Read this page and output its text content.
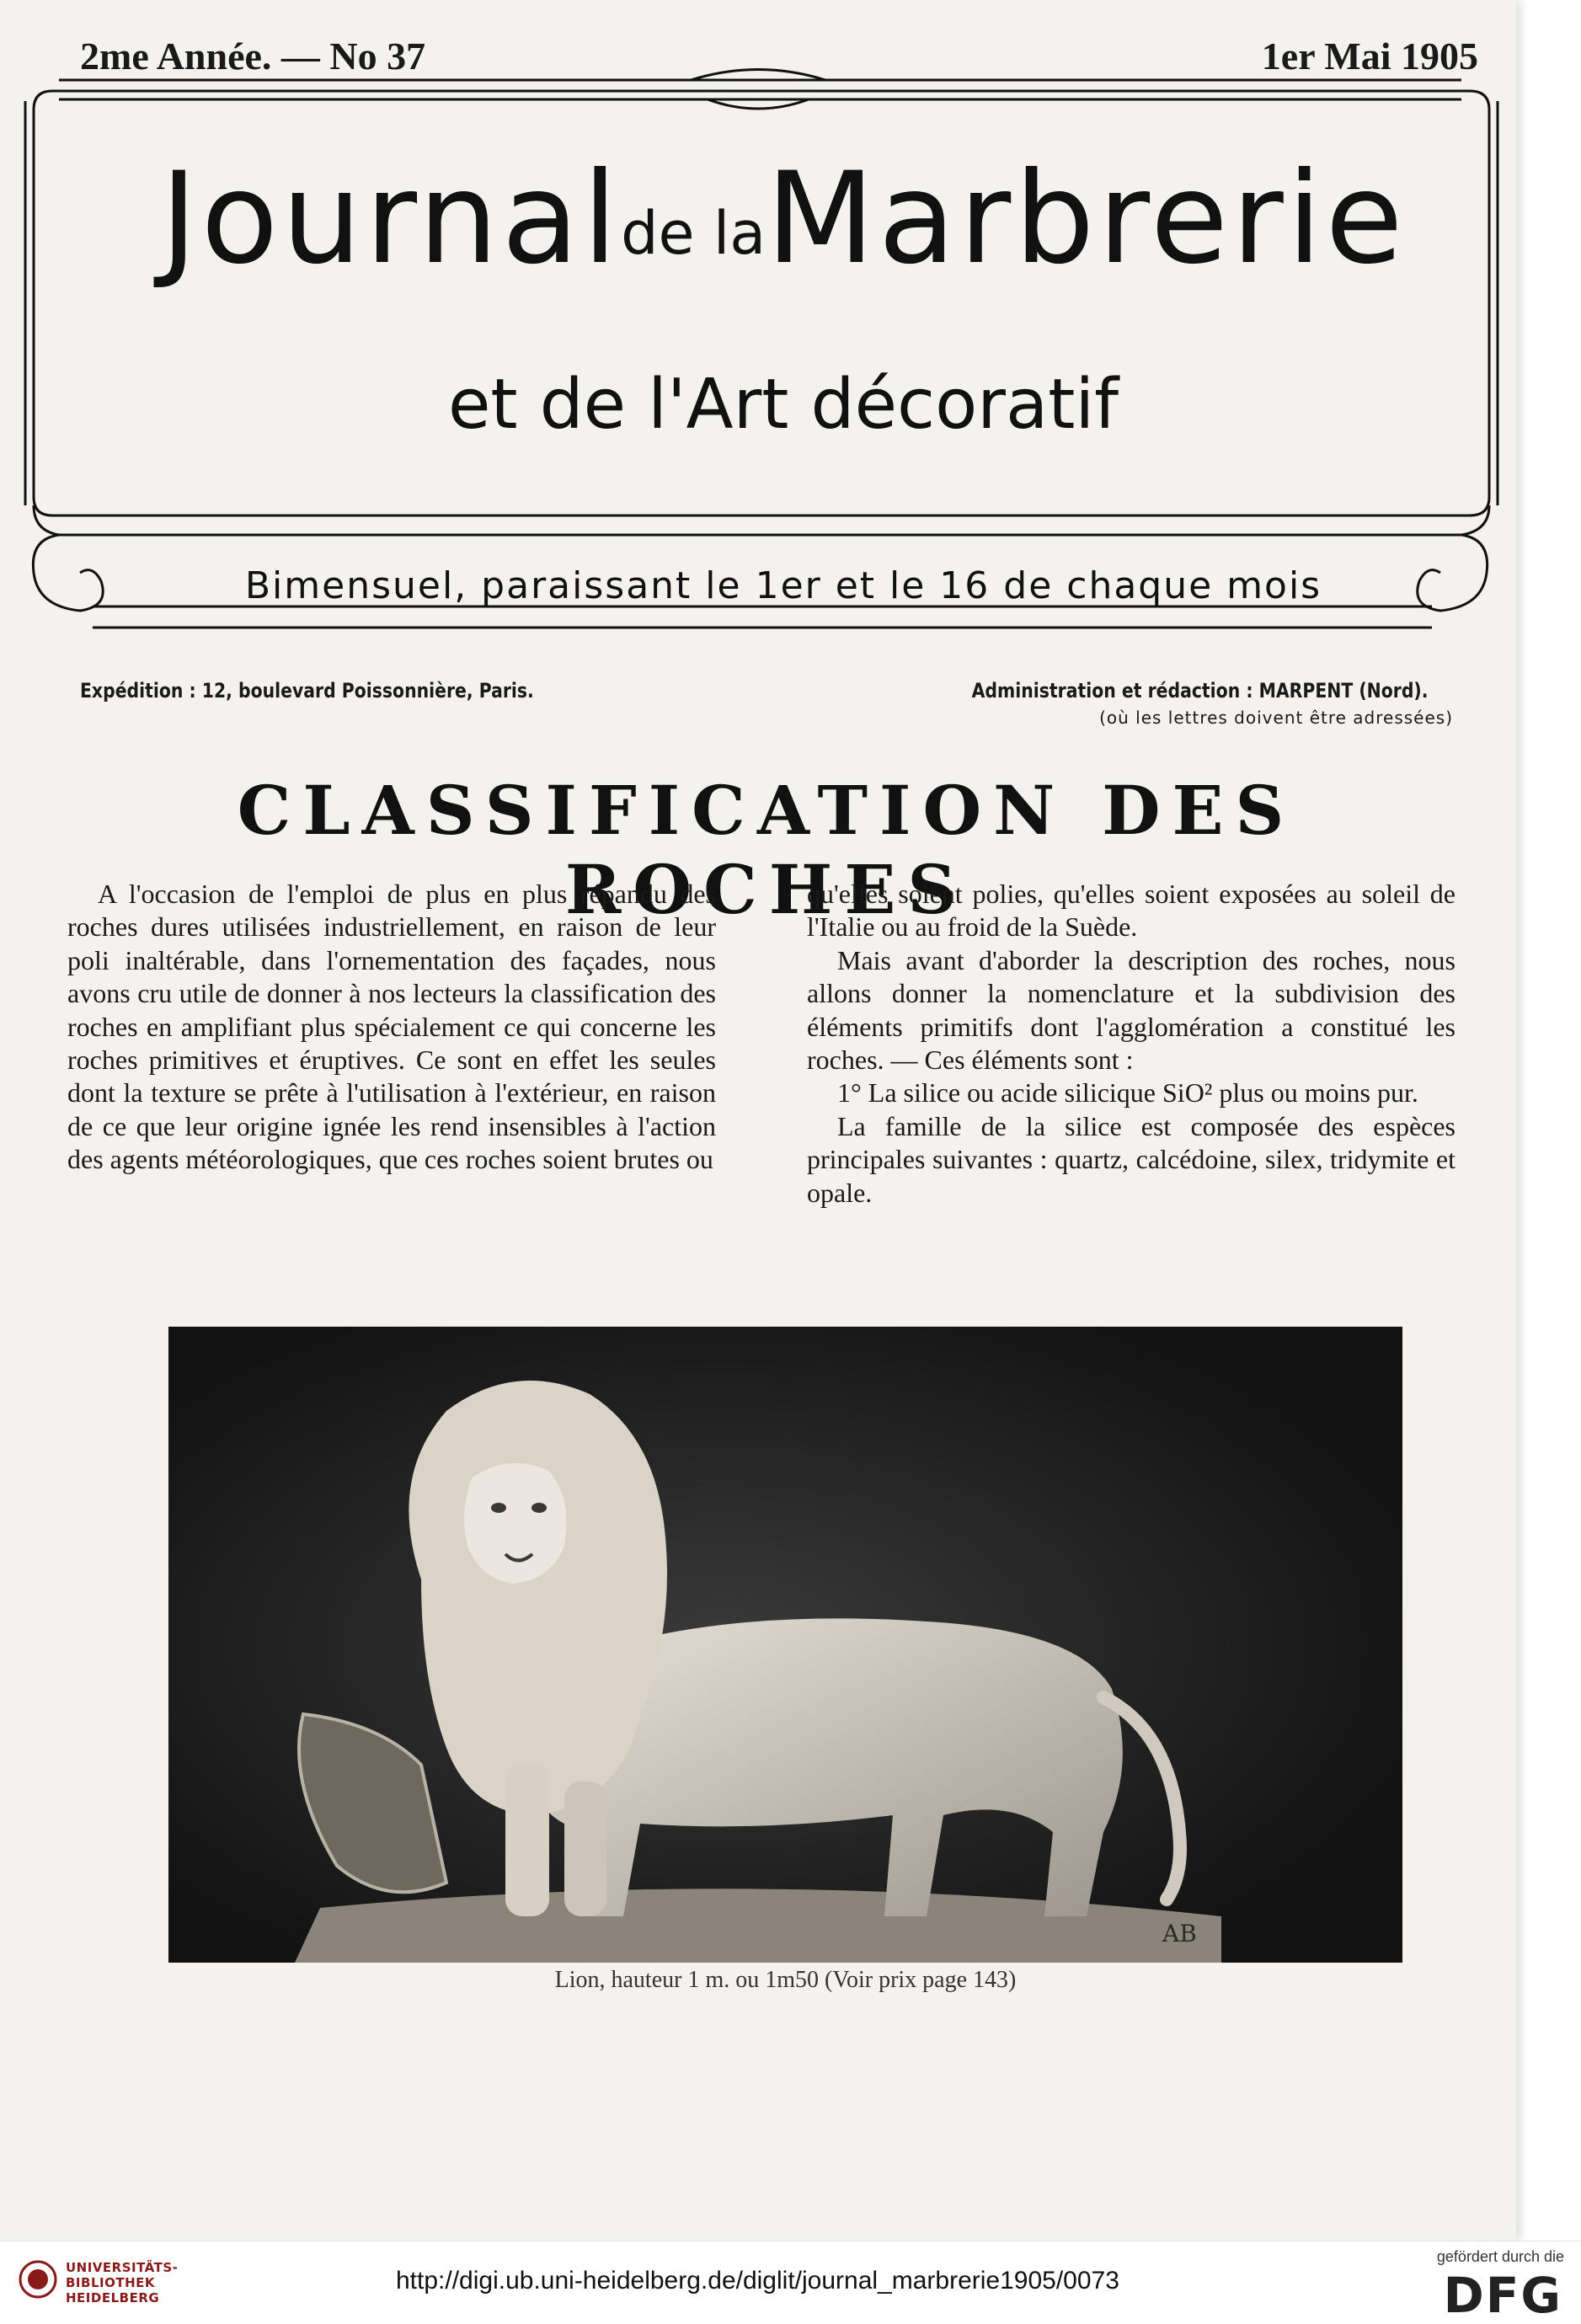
2me Année. — No 37	1er Mai 1905
Journalde laMarbrerie
et de l'Art décoratif
Bimensuel, paraissant le 1er et le 16 de chaque mois
Expédition : 12, boulevard Poissonnière, Paris.	Administration et rédaction : MARPENT (Nord).
(où les lettres doivent être adressées)
CLASSIFICATION DES ROCHES

A l'occasion de l'emploi de plus en plus répandu des roches dures utilisées industriellement, en raison de leur poli inaltérable, dans l'ornementation des façades, nous avons cru utile de donner à nos lecteurs la classification des roches en amplifiant plus spécialement ce qui concerne les roches primitives et éruptives. Ce sont en effet les seules dont la texture se prête à l'utilisation à l'extérieur, en raison de ce que leur origine ignée les rend insensibles à l'action des agents météorologiques, que ces roches soient brutes ou

qu'elles soient polies, qu'elles soient exposées au soleil de l'Italie ou au froid de la Suède.

Mais avant d'aborder la description des roches, nous allons donner la nomenclature et la subdivision des éléments primitifs dont l'agglomération a constitué les roches. — Ces éléments sont :

1° La silice ou acide silicique SiO² plus ou moins pur.

La famille de la silice est composée des espèces principales suivantes : quartz, calcédoine, silex, tridymite et opale.

AB
Lion, hauteur 1 m. ou 1m50 (Voir prix page 143)
UNIVERSITÄTS-
BIBLIOTHEK
HEIDELBERG
http://digi.ub.uni-heidelberg.de/diglit/journal_marbrerie1905/0073
gefördert durch die
DFG
